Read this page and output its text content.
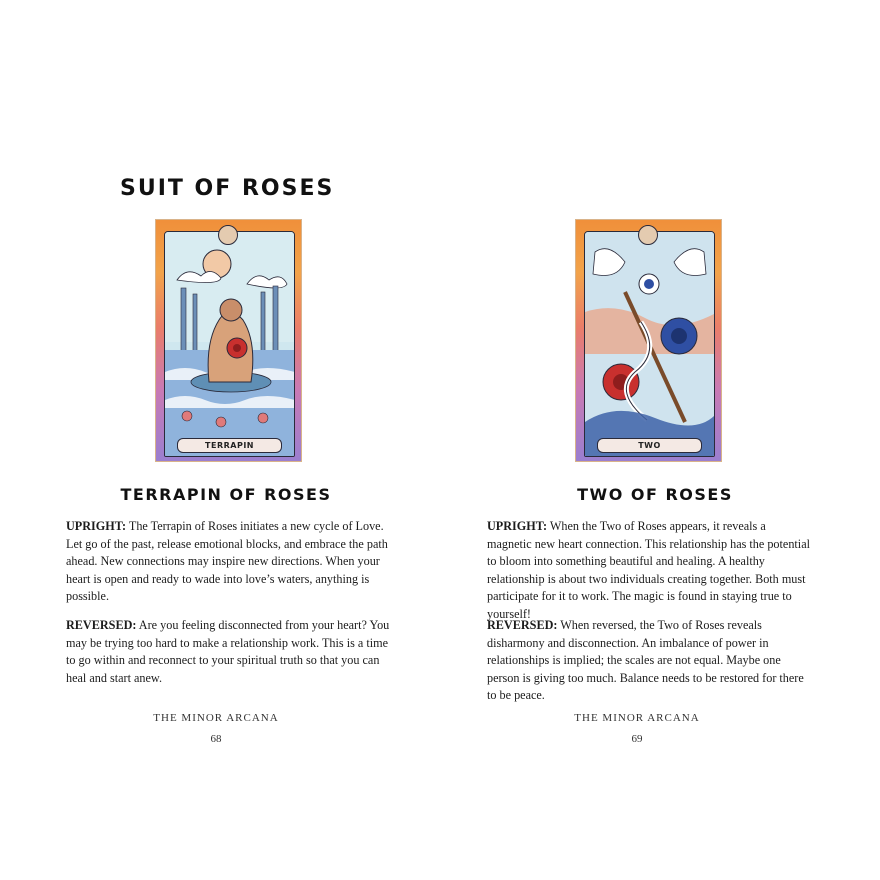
SUIT OF ROSES
TERRAPIN
TERRAPIN OF ROSES
UPRIGHT: The Terrapin of Roses initiates a new cycle of Love. Let go of the past, release emotional blocks, and embrace the path ahead. New connections may inspire new directions. When your heart is open and ready to wade into love’s waters, anything is possible.
REVERSED: Are you feeling disconnected from your heart? You may be trying too hard to make a relationship work. This is a time to go within and reconnect to your spiritual truth so that you can heal and start anew.
THE MINOR ARCANA
68
TWO
TWO OF ROSES
UPRIGHT: When the Two of Roses appears, it reveals a magnetic new heart connection. This relationship has the potential to bloom into something beautiful and healing. A healthy relationship is about two individuals creating together. Both must participate for it to work. The magic is found in staying true to yourself!
REVERSED: When reversed, the Two of Roses reveals disharmony and disconnection. An imbalance of power in relationships is implied; the scales are not equal. Maybe one person is giving too much. Balance needs to be restored for there to be peace.
THE MINOR ARCANA
69
